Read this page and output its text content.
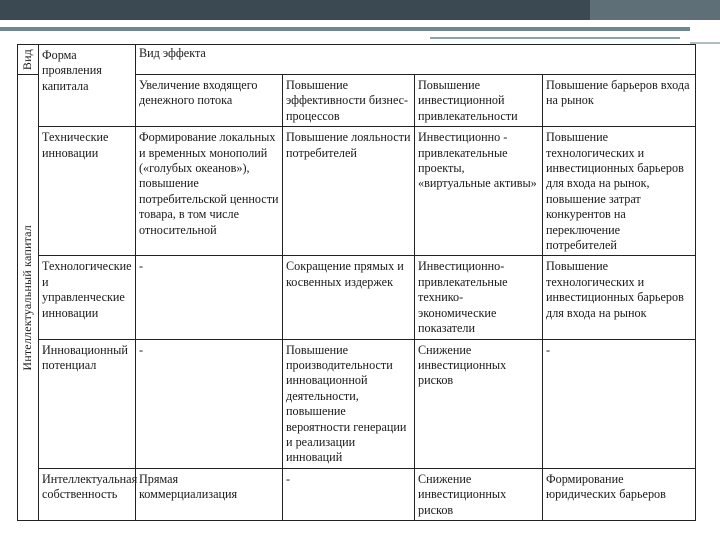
Вид	Форма проявления капитала	Вид эффекта			

Интеллектуальный капитал		Увеличение входящего денежного потока	Повышение эффективности бизнес-процессов	Повышение инвестиционной привлекательности	Повышение барьеров входа на рынок
	Технические инновации	Формирование локальных и временных монополий («голубых океанов»), повышение потребительской ценности товара, в том числе относительной	Повышение лояльности потребителей	Инвестиционно - привлекательные проекты, «виртуальные активы»	Повышение технологических и инвестиционных барьеров для входа на рынок, повышение затрат конкурентов на переключение потребителей
	Технологические и управленческие инновации	-	Сокращение прямых и косвенных издержек	Инвестиционно-привлекательные технико-экономические показатели	Повышение технологических и инвестиционных барьеров для входа на рынок
	Инновационный потенциал	-	Повышение производительности инновационной деятельности, повышение вероятности генерации и реализации инноваций	Снижение инвестиционных рисков	-
	Интеллектуальная собственность	Прямая коммерциализация	-	Снижение инвестиционных рисков	Формирование юридических барьеров
